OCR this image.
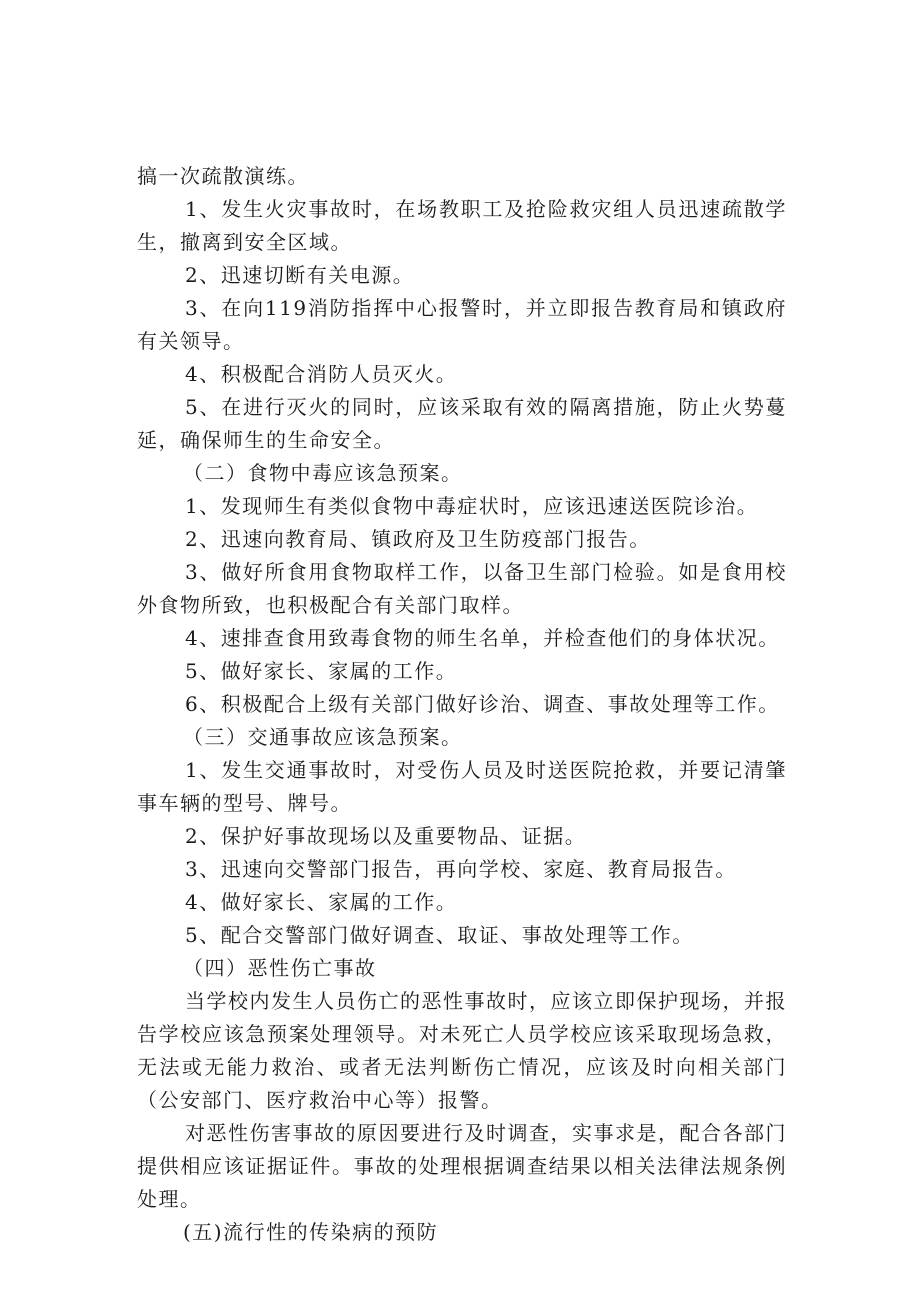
搞一次疏散演练。

1、发生火灾事故时，在场教职工及抢险救灾组人员迅速疏散学生，撤离到安全区域。

2、迅速切断有关电源。

3、在向119消防指挥中心报警时，并立即报告教育局和镇政府有关领导。

4、积极配合消防人员灭火。

5、在进行灭火的同时，应该采取有效的隔离措施，防止火势蔓延，确保师生的生命安全。

（二）食物中毒应该急预案。

1、发现师生有类似食物中毒症状时，应该迅速送医院诊治。

2、迅速向教育局、镇政府及卫生防疫部门报告。

3、做好所食用食物取样工作，以备卫生部门检验。如是食用校外食物所致，也积极配合有关部门取样。

4、速排查食用致毒食物的师生名单，并检查他们的身体状况。

5、做好家长、家属的工作。

6、积极配合上级有关部门做好诊治、调查、事故处理等工作。

（三）交通事故应该急预案。

1、发生交通事故时，对受伤人员及时送医院抢救，并要记清肇事车辆的型号、牌号。

2、保护好事故现场以及重要物品、证据。

3、迅速向交警部门报告，再向学校、家庭、教育局报告。

4、做好家长、家属的工作。

5、配合交警部门做好调查、取证、事故处理等工作。

（四）恶性伤亡事故

当学校内发生人员伤亡的恶性事故时，应该立即保护现场，并报告学校应该急预案处理领导。对未死亡人员学校应该采取现场急救，无法或无能力救治、或者无法判断伤亡情况，应该及时向相关部门（公安部门、医疗救治中心等）报警。

对恶性伤害事故的原因要进行及时调查，实事求是，配合各部门提供相应该证据证件。事故的处理根据调查结果以相关法律法规条例处理。

(五)流行性的传染病的预防
